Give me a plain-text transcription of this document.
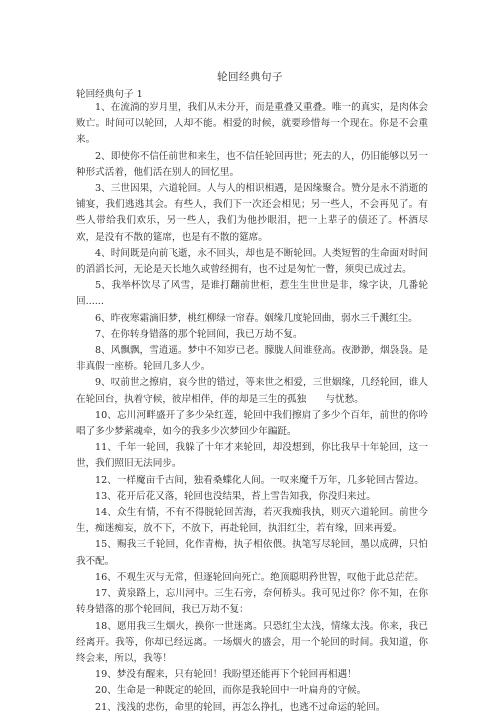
轮回经典句子
轮回经典句子 1

1、在流淌的岁月里，我们从未分开，而是重叠又重叠。唯一的真实，是肉体会败亡。时间可以轮回，人却不能。相爱的时候，就要珍惜每一个现在。你是不会重来。

2、即使你不信任前世和来生，也不信任轮回再世；死去的人，仍旧能够以另一种形式活着，他们活在别人的回忆里。

3、三世因果，六道轮回。人与人的相识相遇，是因缘聚合。赞分是永不消逝的铺宴，我们逃逃其会。有些人，我们下一次还会相见；另一些人，不会再见了。有些人带给我们欢乐，另一些人，我们为他抄眼泪，把一上辈子的债还了。杯酒尽欢，是没有不散的筵席，也是有不散的筵席。

4、时间既是向前飞逝，永不回头，却也是不断轮回。人类短暂的生命面对时间的滔滔长河，无论是天长地久或曾经拥有，也不过是匆忙一瞥，须臾已成过去。

5、我举杯饮尽了风雪，是谁打翻前世柜，惹生生世世是非，缘字诀，几番轮回......

6、昨夜寒霜滴旧梦，桃红柳绿一帘春。姻缘几度轮回曲，弱水三千溅红尘。

7、在你转身错落的那个轮回间，我已万劫不复。

8、风飘飘，雪逍遥。梦中不知岁已老。朦胧人间谁登高。夜渺渺，烟袅袅。是非真假一座桥。轮回几多人少。

9、叹前世之擦肩，哀今世的错过，等来世之相爱，三世姻缘，几经轮回，谁人在轮回台，执着守候，彼岸相伴，伴的却是三生的孤独　　与忧愁。

10、忘川河畔盛开了多少朵红莲，轮回中我们擦肩了多少个百年，前世的你吟唱了多少梦萦魂牵，如今的我多少次梦回少年蹁跹。

11、千年一轮回，我躲了十年才来轮回，却没想到，你比我早十年轮回，这一世，我们照旧无法同步。

12、一样魔亩千古间，独看桑蝶化人间。一叹来魔千万年，几多轮回古誓边。

13、花开后花又落，轮回也没结果，苔上雪告知我，你没归来过。

14、众生有情，不有不得脱轮回苦海，若灭我痴我执，则灭六道轮回。前世今生，痴迷痴妄，放不下，不放下，再赴轮回，执泪红尘，若有缘，回来再爱。

15、赐我三千轮回，化作青梅，执子相依偎。执笔写尽轮回，墨以成碑，只怕我不配。

16、不观生灭与无常，但逐轮回向死亡。绝顶聪明矜世智，叹他于此总茫茫。

17、黄泉路上，忘川河中。三生石旁，奈何桥头。我可见过你？你不知，在你转身错落的那个轮回间，我已万劫不复：

18、愿用我三生烟火，换你一世迷离。只恐红尘太浅，情缘太浅。你来，我已经离开。我等，你却已经远离。一场烟火的盛会，用一个轮回的时间。我知道，你终会来，所以，我等！

19、梦没有醒来，只有轮回！我盼望还能再下个轮回再相遇！

20、生命是一种既定的轮回，而你是我轮回中一叶扁舟的守候。

21、浅浅的悲伤，命里的轮回，再怎么挣扎，也逃不过命运的轮回。
